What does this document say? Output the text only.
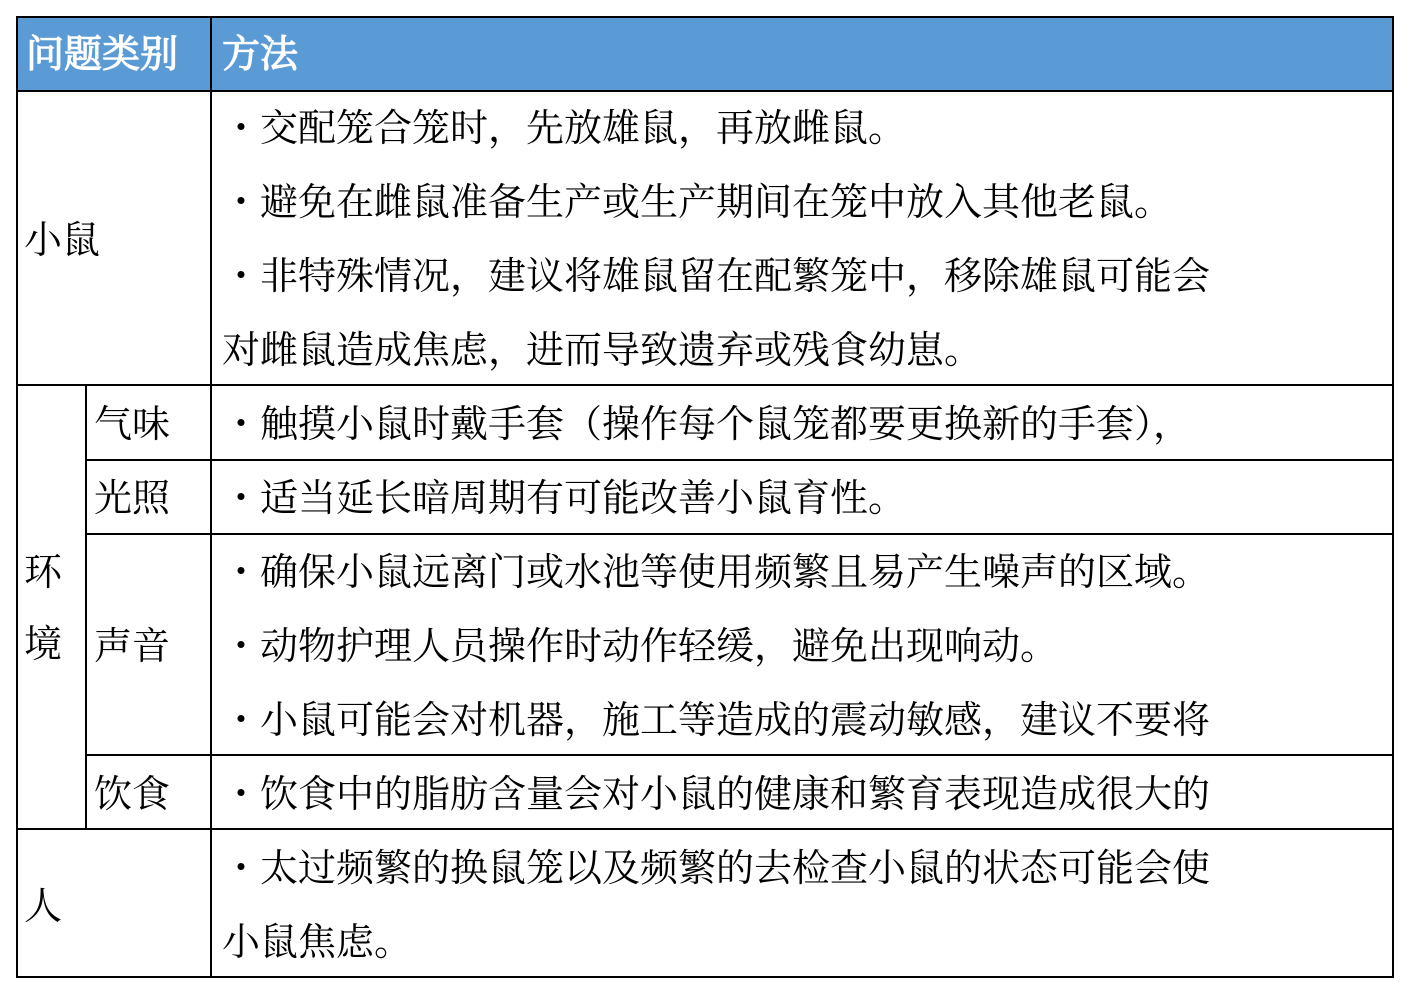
问题类别 方法
小鼠
・交配笼合笼时，先放雄鼠，再放雌鼠。
・避免在雌鼠准备生产或生产期间在笼中放入其他老鼠。
・非特殊情况，建议将雄鼠留在配繁笼中，移除雄鼠可能会
对雌鼠造成焦虑，进而导致遗弃或残食幼崽。
环
境
气味 ・触摸小鼠时戴手套（操作每个鼠笼都要更换新的手套），
光照 ・适当延长暗周期有可能改善小鼠育性。
声音
・确保小鼠远离门或水池等使用频繁且易产生噪声的区域。
・动物护理人员操作时动作轻缓，避免出现响动。
・小鼠可能会对机器，施工等造成的震动敏感，建议不要将
饮食 ・饮食中的脂肪含量会对小鼠的健康和繁育表现造成很大的
人
・太过频繁的换鼠笼以及频繁的去检查小鼠的状态可能会使
小鼠焦虑。
